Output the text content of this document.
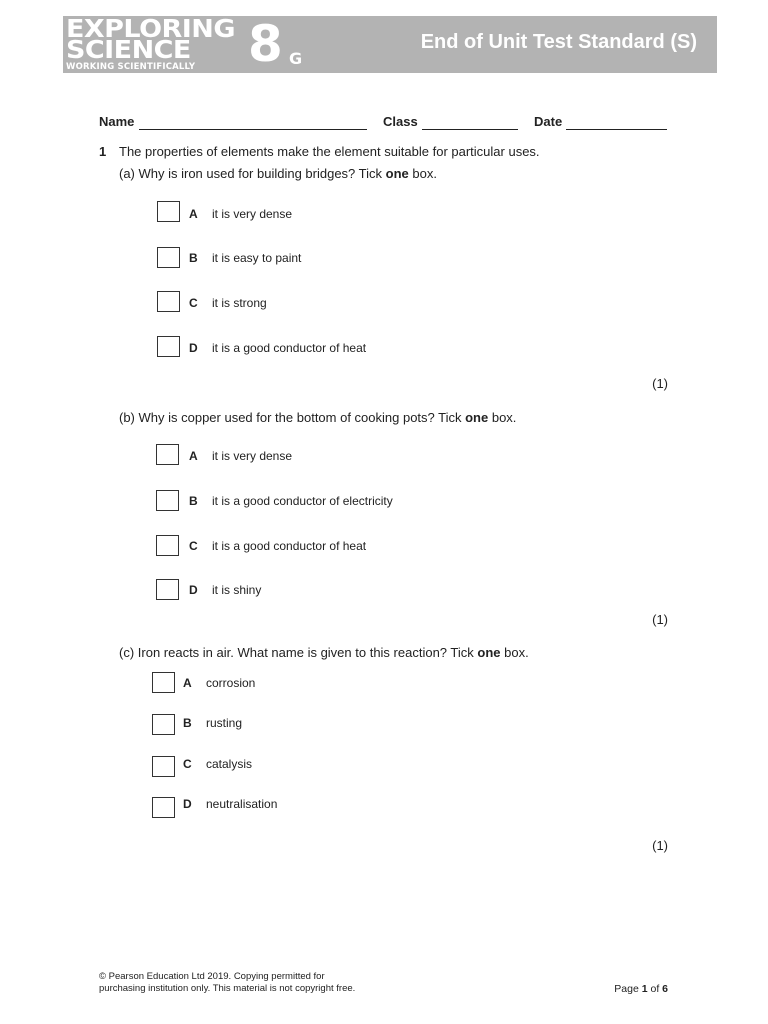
EXPLORING
SCIENCE
WORKING SCIENTIFICALLY 8 G
End of Unit Test Standard (S)
Name	Class	Date
1 The properties of elements make the element suitable for particular uses.
(a) Why is iron used for building bridges? Tick one box.
A it is very dense
B it is easy to paint
C it is strong
D it is a good conductor of heat
(1)
(b) Why is copper used for the bottom of cooking pots? Tick one box.
A it is very dense
B it is a good conductor of electricity
C it is a good conductor of heat
D it is shiny
(1)
(c) Iron reacts in air. What name is given to this reaction? Tick one box.
A corrosion
B rusting
C catalysis
D neutralisation
(1)
© Pearson Education Ltd 2019. Copying permitted for
purchasing institution only. This material is not copyright free.	Page 1 of 6
